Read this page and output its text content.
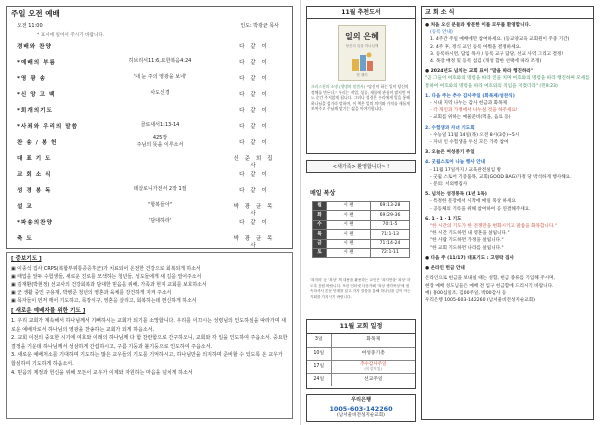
주일 오전 예배
오전 11:00	인도: 박광균 목사
* 표시에 일어서 주시기 바랍니다.
경배와 찬양	다 같 이
*예배의 부름	히브리서11:6,요한복음4:24	다 같 이
*영 광 송	'내 눈 주의 영광을 보네'	다 같 이
*신 앙 고 백	사도신경	다 같 이
*회개의기도	다 같 이
*사죄와 우리의 말씀	골로새서1:13-14	다 같 이
찬 송 / 봉 헌
425장
주님의 뜻을 이루소서	다 같 이
대 표 기 도	신 준 희 집 사
교 회 소 식	다 같 이
성 경 봉 독	데살로니가전서 2장 1절	다 같 이
설 교	"항복들아"	박 광 균 목 사
*파송의찬양	'담대하라'	다 같 이
축 도	박 광 균 목 사
[ 중보기도 ]

▣ 이종석 집사 CRPS(복합부위통증증후군)가 치료되어 온전한 건강으로 회복되게 하소서

▣ 태업을 앞두 수험생들, 새로운 진로를 모색하는 청년들, 성도들에게 새 길을 열어주소서

▣ 김재환(박현정) 선교사의 건강회복과 담대한 믿음을 위해, 가족과 현지 교회를 보호하소서

▣ 군 생활 중인 구용재, 박병준 청년의 영혼과 육체를 강건하게 지켜 주소서

▣ 목자들이 먼저 깨어 기도하고, 목장식구, 영혼을 살리고, 회복하는데 헌신하게 하소서

[ 새로운 예배자를 위한 기도 ]

1. 우리 교회가 계속해서 하나님께서 기뻐하시는 교회가 되기를 소망합니다. 우리를 이끄시는 성령님의 인도하심을 따라가며 새로운 예배자로서 하나님의 영광을 찬송하는 교회가 되게 하옵소서.

2. 교회 이전의 중요한 시기에 여호와 이레의 하나님께 다 함 찬란함으로 간구하오니, 교회와 각 일을 인도하여 주옵소서. 중요한 결정을 기운데 하나님께서 성삼하게 간섭하시고, 구름 기둥과 불기둥으로 인도하여 주옵소서.

3. 새로운 예배처소를 기대하며 기도하는 많은 교우들의 기도를 기억하시고, 하나님만을 의지하며 준비할 수 있도록 온 교우가 합심하여 기도하게 하옵소서.

4. 믿음의 제정과 헌신을 위해 모든이 교우가 이제와 자원하는 마음을 넘치게 하소서

11월 추천도서
일의 은혜
당신의 일을 하나님께
팀 켈러
크리스천의 소명 (생명의 말씀사) "당신이 하는 일이 당신의 정체를 만든다." 우리는 직업, 성공, 재물에 관심이 많지만 어느 순간 주저앉게 됩니다. 그러나 성경은 우리에게 일을 통해 하나님을 섬기라 말하며, 이 책은 일의 의미와 가치를 새롭게 보여주고 주님께 맡기는 삶을 이야기합니다.
<새가족> 환영합니다~ !
매일 복상
월	시 편	69:13-28
화	시 편	69:29-36
수	시 편	70:1-5
목	시 편	71:1-13
금	시 편	71:14-24
토	시 편	72:1-11
'복지의' 등 '복상' 책 내용을 활용하는 교인은 '복지만을' 복상' 하도록 응원 바랍니다. 또한 인터넷 다음카페 '복상 생각묵상'에 접속하셔서 본문 단계를 읽고 각자 말씀을 통해 하나님을 깊이 아는 기회를 가지시기 바랍니다.
11월 교회 일정
3일	화목제
10일	여성중기총
17일	추수감사주일
(목장모임)

24일	선교주일
우리은행
1005-603-142260
(남서울비전성지순교회)
교 회 소 식

● 처음 오신 분들과 방문한 이를 모두를 환영합니다.

(등록 안내)

1. 4주간 주일 예배에만 참여하세요. (등교양교육 교회원이 주중 기간)

2. 4주 후, 정식 교인 등록 여쭤을 결정하세요.

3. 등록하시면, 담임 목사 / 등록 교구 담당, 선교 사역 그리고 결정!

4. 목장 배정 및 등록 섬김 (개성 합한 선택에 따라 조정)

● 2024년도 넘치는 교회 표어 "말을 따라 행진하라"

"곧 그들이 여호와의 명령을 따라 진을 치며 여호와의 명령을 따라 행진하며 모세를 통하여 여호와의 명령을 따라 여호와의 직임을 지켰더라" (민9:23)

1. 다음 주는 추수 감사주일 (화목제/성찬식)

- 시내 지역 나누는 감사 헌금과 화목제

- 각 개인과 가정에서 나누실 것을 하주세요!

- 교회를 위하는 예물준비(먹을, 음료 등)

2. 수험생과 자녀 기도회

- 수능일 11월 14일(목) 오전 8시(3층)~5시

- 자녀 인 수험생을 두신 모든 가족 참여

3. 오늘은 여성중기 주일

4. 굿윌스토어 나눔 행사 안내

- 11월 17일까지 / 교육관전실입 방

- 굿윌 스토어 기증품목, 교회(GOOD BAG)가정 당 박석하게 행사해요.

- 문의: 서외행집사

5. 넘치는 성경통독 (1년 1독)

- 특정한 문장에서 시작에 매일 묵상 하세요

- 공동체의 기록을 위해 참여하여 공 연결해주세요.

6. 1 · 1 · 1 기도

"한 시간의 기도가 한 전쟁만을 변화시키고 말씀을 화목합니다."

"한 시간 기도하면 내 영혼을 살립니다."

"한 사람 기도하면 가정을 살립니다."

"한 교회 기도하면 나라를 살립니다."

● 다음 주 (11/17) 대표기도 : 고영락 집사

● 온라인 헌금 안내

온라인으로 헌금을 보내실 때는 성함, 헌금 종류를 기입해 주시며,

현장 예배 성도님들은 예배 전 입구 헌금함에 드리시기 바랍니다.

예) 홍00십일조, 김00주일, 박00감사 등

우리은행 1005-603-142260 (남서울비전성지순교회)
